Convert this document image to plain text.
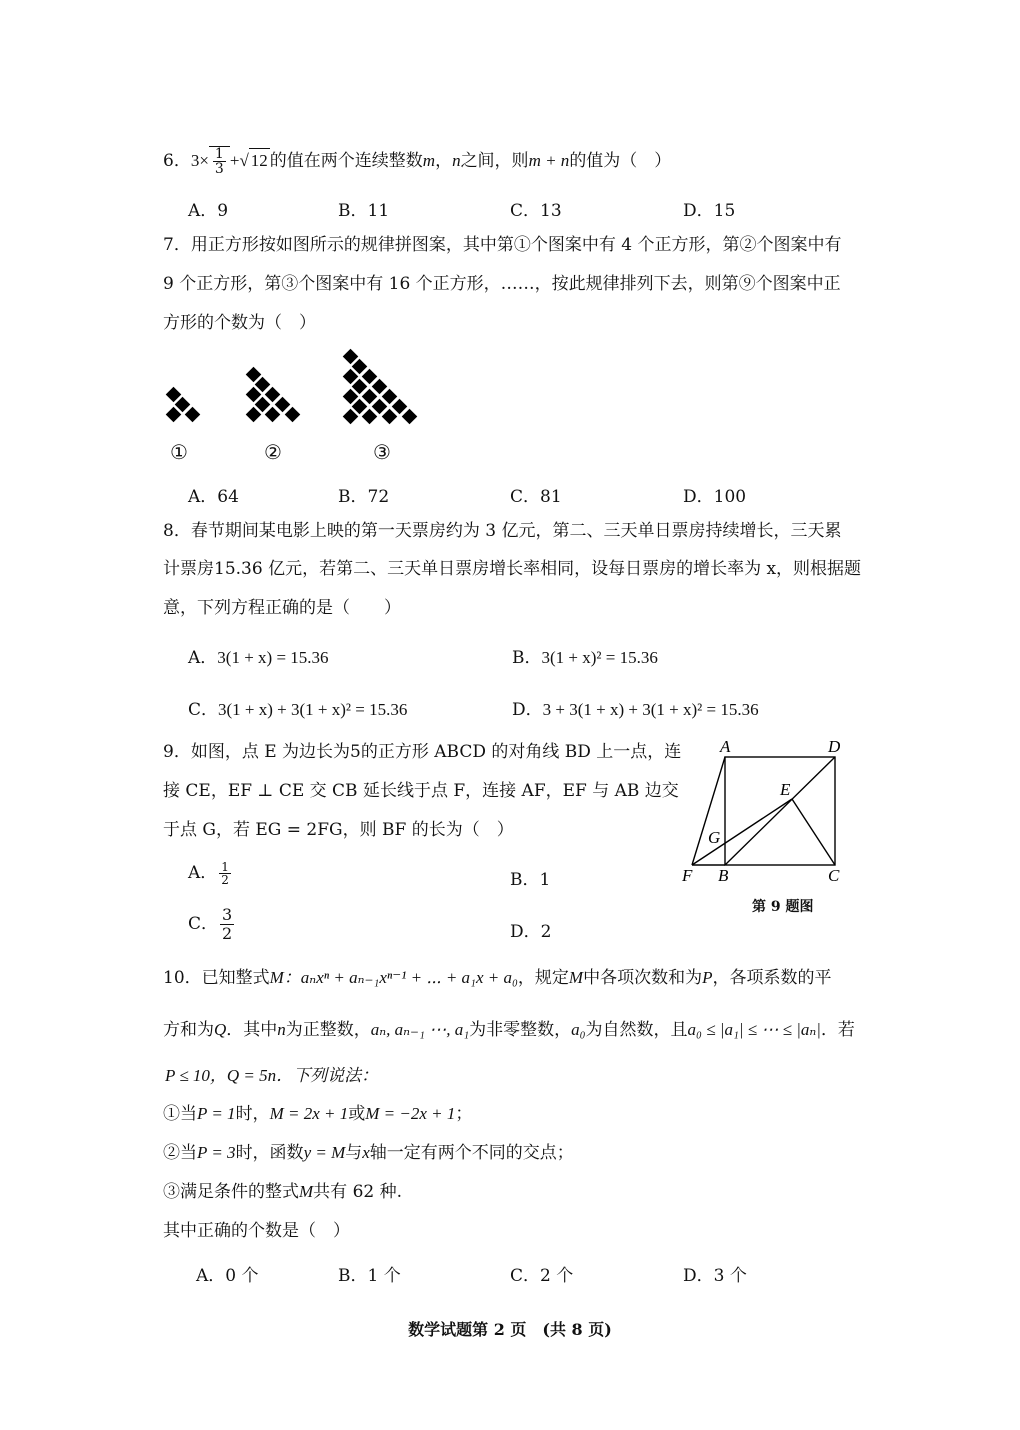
6．$3\times \frac{1}{3}$ +√ 12 的值在两个连续整数m，n之间，则m + n的值为（　）
A．9	B．11	C．13	D．15
7．用正方形按如图所示的规律拼图案，其中第①个图案中有 4 个正方形，第②个图案中有
9 个正方形，第③个图案中有 16 个正方形，……，按此规律排列下去，则第⑨个图案中正
方形的个数为（　）
①	②	③
A．64	B．72	C．81	D．100
8．春节期间某电影上映的第一天票房约为 3 亿元，第二、三天单日票房持续增长，三天累
计票房15.36 亿元，若第二、三天单日票房增长率相同，设每日票房的增长率为 x，则根据题
意，下列方程正确的是（　　）
A．3(1 + x) = 15.36	B．3(1 + x)² = 15.36
C．3(1 + x) + 3(1 + x)² = 15.36	D．3 + 3(1 + x) + 3(1 + x)² = 15.36
9．如图，点 E 为边长为5的正方形 ABCD 的对角线 BD 上一点，连
接 CE，EF ⊥ CE 交 CB 延长线于点 F，连接 AF，EF 与 AB 边交
于点 G，若 EG = 2FG，则 BF 的长为（　）
A	D
E
G
F B	C
第 9 题图
A． $\frac{1}{2}$	B．1
C． $\frac{3}{2}$	D．2
10．已知整式M：aₙxⁿ + aₙ₋₁xⁿ⁻¹ + ⋯ + a₁x + a₀，规定M中各项次数和为P，各项系数的平
方和为Q．其中n为正整数，aₙ, aₙ₋₁ ⋯, a₁为非零整数，a₀为自然数，且a₀ ≤ |a₁| ≤ ⋯ ≤ |aₙ|．若
P ≤ 10，Q = 5n．下列说法：
①当P = 1时，M = 2x + 1或M = −2x + 1；
②当P = 3时，函数y = M与x轴一定有两个不同的交点；
③满足条件的整式M共有 62 种.
其中正确的个数是（　）
A．0 个	B．1 个	C．2 个	D．3 个
数学试题第 2 页　(共 8 页)
